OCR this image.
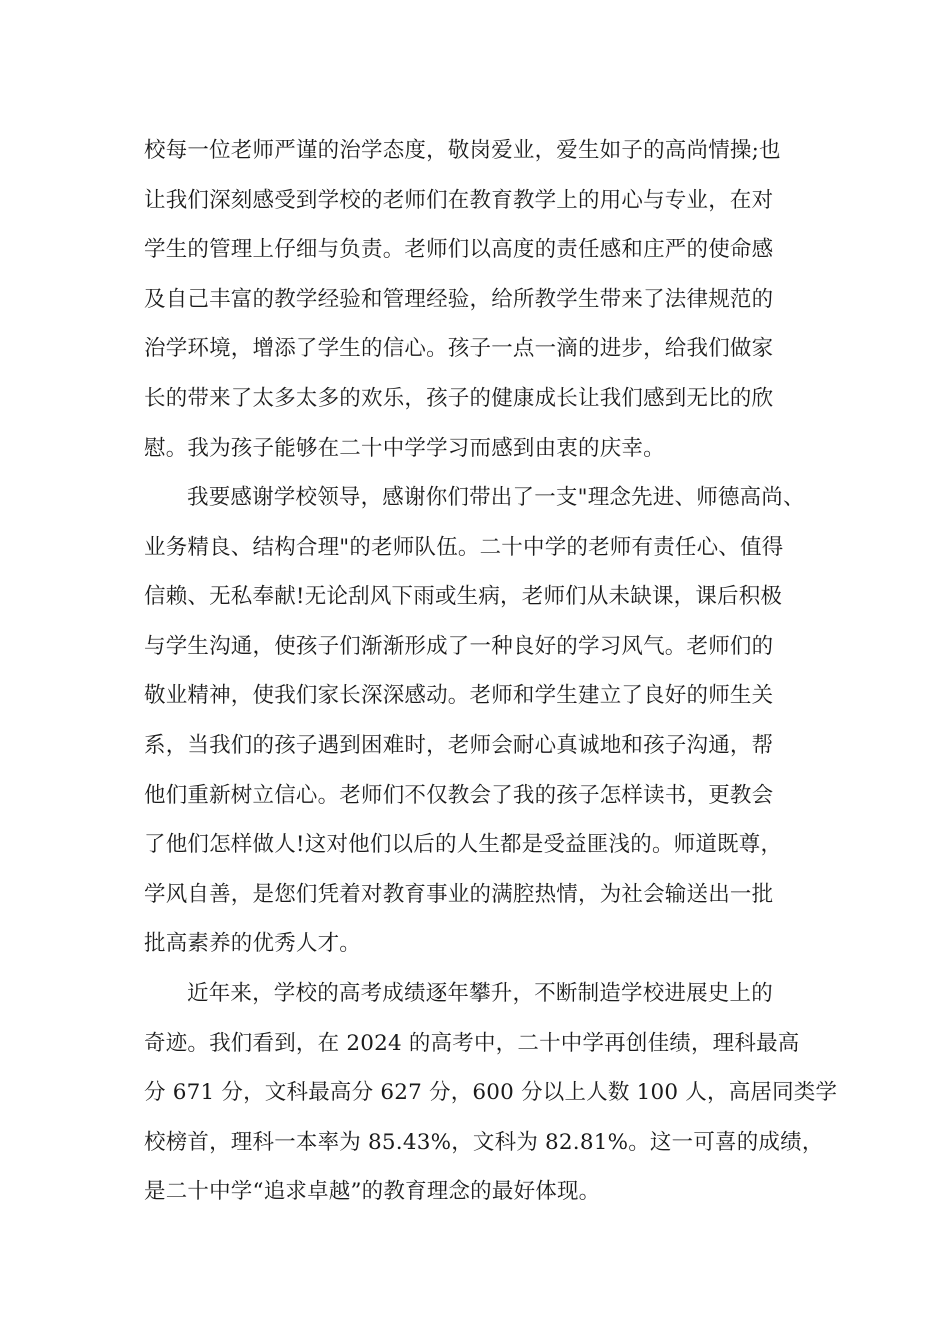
校每一位老师严谨的治学态度，敬岗爱业，爱生如子的高尚情操;也
让我们深刻感受到学校的老师们在教育教学上的用心与专业，在对
学生的管理上仔细与负责。老师们以高度的责任感和庄严的使命感
及自己丰富的教学经验和管理经验，给所教学生带来了法律规范的
治学环境，增添了学生的信心。孩子一点一滴的进步，给我们做家
长的带来了太多太多的欢乐，孩子的健康成长让我们感到无比的欣
慰。我为孩子能够在二十中学学习而感到由衷的庆幸。
我要感谢学校领导，感谢你们带出了一支"理念先进、师德高尚、
业务精良、结构合理"的老师队伍。二十中学的老师有责任心、值得
信赖、无私奉献!无论刮风下雨或生病，老师们从未缺课，课后积极
与学生沟通，使孩子们渐渐形成了一种良好的学习风气。老师们的
敬业精神，使我们家长深深感动。老师和学生建立了良好的师生关
系，当我们的孩子遇到困难时，老师会耐心真诚地和孩子沟通，帮
他们重新树立信心。老师们不仅教会了我的孩子怎样读书，更教会
了他们怎样做人!这对他们以后的人生都是受益匪浅的。师道既尊，
学风自善，是您们凭着对教育事业的满腔热情，为社会输送出一批
批高素养的优秀人才。
近年来，学校的高考成绩逐年攀升，不断制造学校进展史上的
奇迹。我们看到，在 2024 的高考中，二十中学再创佳绩，理科最高
分 671 分，文科最高分 627 分，600 分以上人数 100 人，高居同类学
校榜首，理科一本率为 85.43%，文科为 82.81%。这一可喜的成绩，
是二十中学“追求卓越”的教育理念的最好体现。
